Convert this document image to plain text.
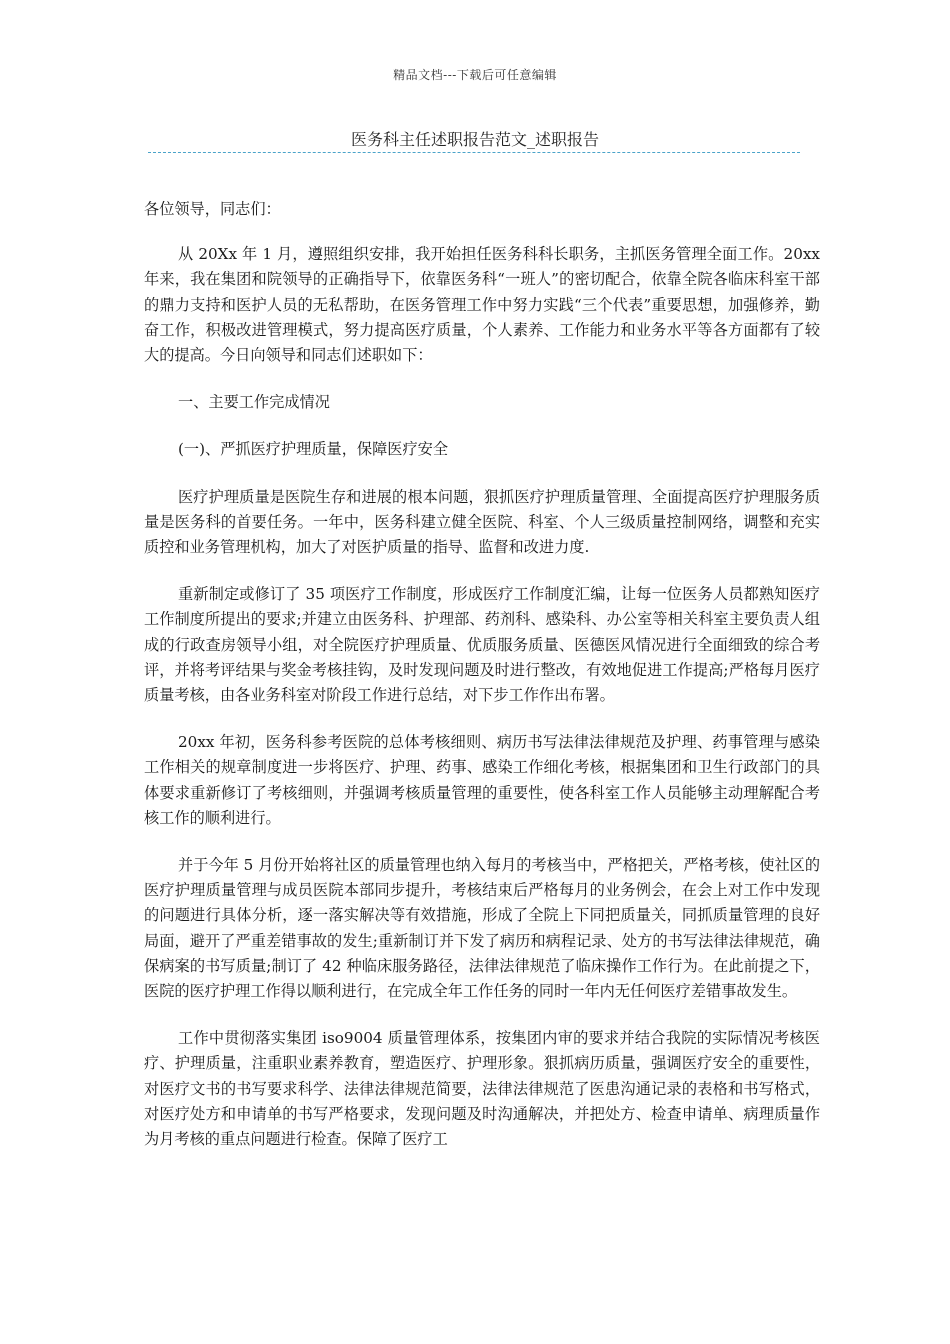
精品文档---下载后可任意编辑
医务科主任述职报告范文_述职报告

各位领导，同志们：

从 20Xx 年 1 月，遵照组织安排，我开始担任医务科科长职务，主抓医务管理全面工作。20xx 年来，我在集团和院领导的正确指导下，依靠医务科“一班人”的密切配合，依靠全院各临床科室干部的鼎力支持和医护人员的无私帮助，在医务管理工作中努力实践“三个代表”重要思想，加强修养，勤奋工作，积极改进管理模式，努力提高医疗质量，个人素养、工作能力和业务水平等各方面都有了较大的提高。今日向领导和同志们述职如下：

一、主要工作完成情况

(一)、严抓医疗护理质量，保障医疗安全

医疗护理质量是医院生存和进展的根本问题，狠抓医疗护理质量管理、全面提高医疗护理服务质量是医务科的首要任务。一年中，医务科建立健全医院、科室、个人三级质量控制网络，调整和充实质控和业务管理机构，加大了对医护质量的指导、监督和改进力度.

重新制定或修订了 35 项医疗工作制度，形成医疗工作制度汇编，让每一位医务人员都熟知医疗工作制度所提出的要求;并建立由医务科、护理部、药剂科、感染科、办公室等相关科室主要负责人组成的行政查房领导小组，对全院医疗护理质量、优质服务质量、医德医风情况进行全面细致的综合考评，并将考评结果与奖金考核挂钩，及时发现问题及时进行整改，有效地促进工作提高;严格每月医疗质量考核，由各业务科室对阶段工作进行总结，对下步工作作出布署。

20xx 年初，医务科参考医院的总体考核细则、病历书写法律法律规范及护理、药事管理与感染工作相关的规章制度进一步将医疗、护理、药事、感染工作细化考核，根据集团和卫生行政部门的具体要求重新修订了考核细则，并强调考核质量管理的重要性，使各科室工作人员能够主动理解配合考核工作的顺利进行。

并于今年 5 月份开始将社区的质量管理也纳入每月的考核当中，严格把关，严格考核，使社区的医疗护理质量管理与成员医院本部同步提升，考核结束后严格每月的业务例会，在会上对工作中发现的问题进行具体分析，逐一落实解决等有效措施，形成了全院上下同把质量关，同抓质量管理的良好局面，避开了严重差错事故的发生;重新制订并下发了病历和病程记录、处方的书写法律法律规范，确保病案的书写质量;制订了 42 种临床服务路径，法律法律规范了临床操作工作行为。在此前提之下，医院的医疗护理工作得以顺利进行，在完成全年工作任务的同时一年内无任何医疗差错事故发生。

工作中贯彻落实集团 iso9004 质量管理体系，按集团内审的要求并结合我院的实际情况考核医疗、护理质量，注重职业素养教育，塑造医疗、护理形象。狠抓病历质量，强调医疗安全的重要性，对医疗文书的书写要求科学、法律法律规范简要，法律法律规范了医患沟通记录的表格和书写格式，对医疗处方和申请单的书写严格要求，发现问题及时沟通解决，并把处方、检查申请单、病理质量作为月考核的重点问题进行检查。保障了医疗工
